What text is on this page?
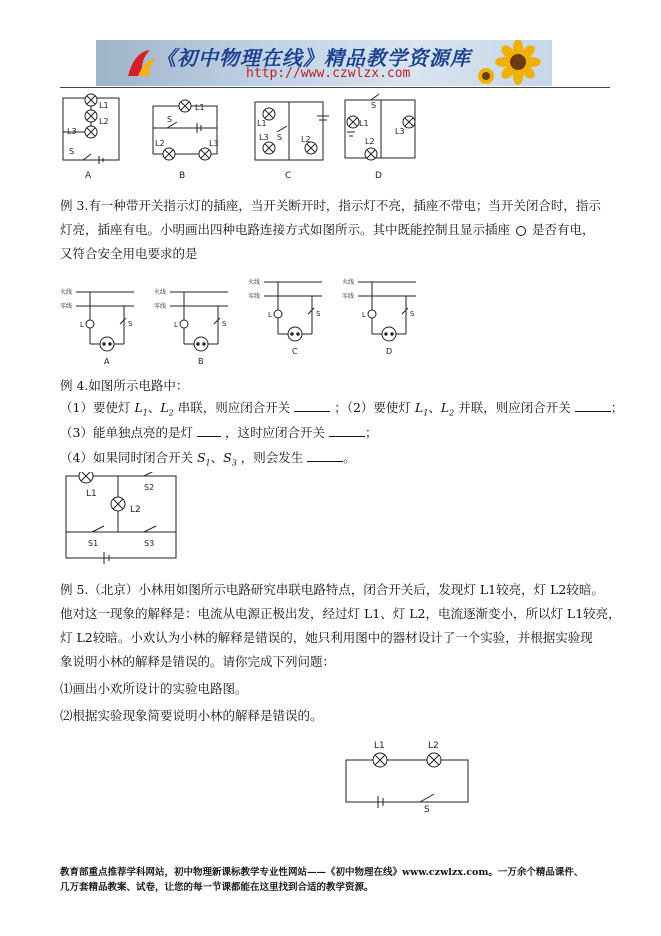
《初中物理在线》精品教学资源库
http://www.czwlzx.com
L1
L2
L3
S
A
L1
S
L2	L3
B
L1
S L2
L3
C
S
L1
L2
L3
D
例 3.有一种带开关指示灯的插座，当开关断开时，指示灯不亮，插座不带电；当开关闭合时，指示
灯亮，插座有电。小明画出四种电路连接方式如图所示。其中既能控制且显示插座 是否有电，
又符合安全用电要求的是
火线
零线
L	S
A
火线
零线
L	S
B
火线
零线
L	S
C
火线
零线
L	S
D
例 4.如图所示电路中：
（1）要使灯 $L_1$、$L_2$ 串联，则应闭合开关	；（2）要使灯 $L_1$、$L_2$ 并联，则应闭合开关	；
（3）能单独点亮的是灯	，这时应闭合开关	；
（4）如果同时闭合开关 $S_1$、$S_3$ ，则会发生	。
L1
L2
S2
S1	S3
例 5.（北京）小林用如图所示电路研究串联电路特点，闭合开关后，发现灯 L1较亮，灯 L2较暗。
他对这一现象的解释是：电流从电源正极出发，经过灯 L1、灯 L2，电流逐渐变小，所以灯 L1较亮，
灯 L2较暗。小欢认为小林的解释是错误的，她只利用图中的器材设计了一个实验，并根据实验现
象说明小林的解释是错误的。请你完成下列问题：
⑴画出小欢所设计的实验电路图。
⑵根据实验现象简要说明小林的解释是错误的。
L1	L2
S
教育部重点推荐学科网站，初中物理新课标教学专业性网站——《初中物理在线》www.czwlzx.com。一万余个精品课件、
几万套精品教案、试卷，让您的每一节课都能在这里找到合适的教学资源。
